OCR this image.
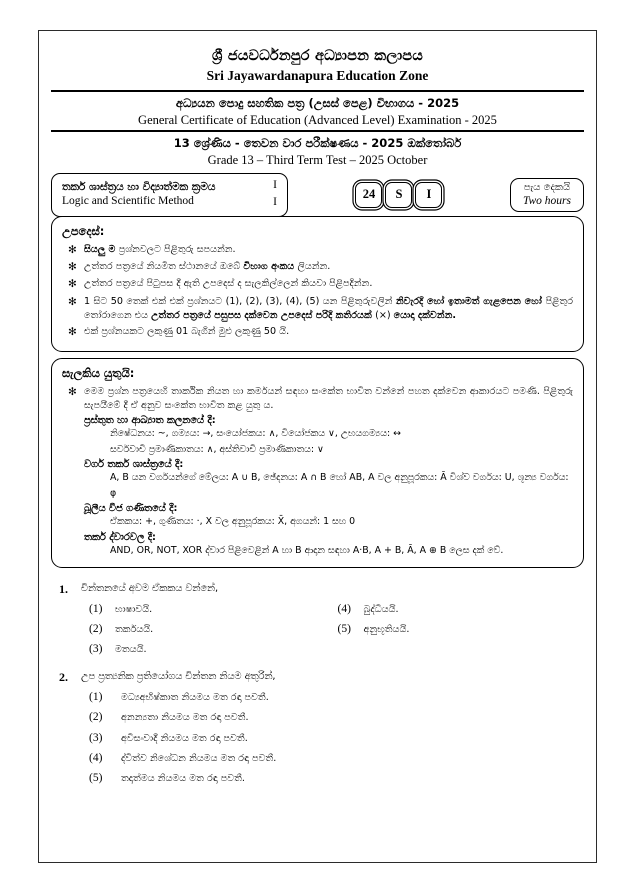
ශ්‍රී ජයවර්ධනපුර අධ්‍යාපන කලාපය
Sri Jayawardanapura Education Zone
අධ්‍යයන පොදු සහතික පත්‍ර (උසස් පෙළ) විභාගය - 2025
General Certificate of Education (Advanced Level) Examination - 2025
13 ශ්‍රේණිය - තෙවන වාර පරීක්ෂණය - 2025 ඔක්තෝබර්
Grade 13 – Third Term Test – 2025 October
තර්ක ශාස්ත්‍රය හා විද්‍යාත්මක ක්‍රමය
Logic and Scientific Method
I
I
24	S	I
පැය දෙකයි
Two hours
උපදෙස්:
✻ සියලු ම ප්‍රශ්නවලට පිළිතුරු සපයන්න.
✻ උත්තර පත්‍රයේ නියමිත ස්ථානයේ ඔබේ විභාග අංකය ලියන්න.
✻ උත්තර පත්‍රයේ පිටුපස දී ඇති උපදෙස් ද සැලකිල්ලෙන් කියවා පිළිපදින්න.
✻ 1 සිට 50 තෙක් එක් එක් ප්‍රශ්නයට (1), (2), (3), (4), (5) යන පිළිතුරුවලින් නිවැරදි හෝ ඉතාමත් ගැළපෙන හෝ පිළිතුර තෝරාගෙන එය උත්තර පත්‍රයේ පසුපස දක්වෙන උපදෙස් පරිදි කතිරයක් (×) යොදා දක්වන්න.
✻ එක් ප්‍රශ්නයකට ලකුණු 01 බැගින් මුළු ලකුණු 50 යි.
සැලකිය යුතුයි:
✻ මෙම ප්‍රශ්න පත්‍රයෙහි තාර්කික නියත හා කර්මයන් සඳහා සංකේත භාවිත වන්නේ පහත දක්වෙන ආකාරයට පමණි. පිළිතුරු සැපයීමේ දී ඒ අනුව සංකේත භාවිත කළ යුතු ය.
ප්‍රස්තුත හා ආඛ්‍යාත කලනයේ දී:
නිෂේධනය: ~, ගම්‍යය: →, සංයෝජකය: ∧, වියෝජකය ∨, උභයගම්‍යය: ↔
සර්වවාචී ප්‍රමාණිකාතය: ∧, අස්තිවාචී ප්‍රමාණිකාතය: ∨
වර්ග තර්ක ශාස්ත්‍රයේ දී:
A, B යන වර්ගයන්ගේ මේලය: A ∪ B, ඡේදනය: A ∩ B හෝ AB, A වල අනුපූරකය: Ā විශ්ව වර්ගය: U, ශූන්‍ය වර්ගය: φ
බූලීය වීජ ගණිතයේ දී:
ඒකකය: +, ගුණිතය: ·, X වල අනුපූරකය: X̄, අගයන්: 1 සහ 0
තර්ක ද්වාරවල දී:
AND, OR, NOT, XOR ද්වාර පිළිවෙළින් A හා B ආදාන සඳහා A·B, A + B, Ā, A ⊕ B ලෙස දක් වේ.
1.	චින්තනයේ අවම ඒකකය වන්නේ,
(1)	භාෂාවයි.
(2)	තර්කයයි.
(3)	මතයයි.
(4)	බුද්ධියයි.
(5)	අනුභූතියයි.
2.	උප ප්‍රත්‍යනික ප්‍රතියෝගය චින්තන නියම අතුරින්,
(1)	මධ්‍යඅභිෂ්කාත නියමය මත රඳා පවතී.
(2)	අනන්‍යතා නියමය මත රඳා පවතී.
(3)	අවිසංවාදී නියමය මත රඳා පවතී.
(4)	ද්විත්ව නිශේධන නියමය මත රඳා පවතී.
(5)	තදාත්මය නියමය මත රඳා පවතී.
